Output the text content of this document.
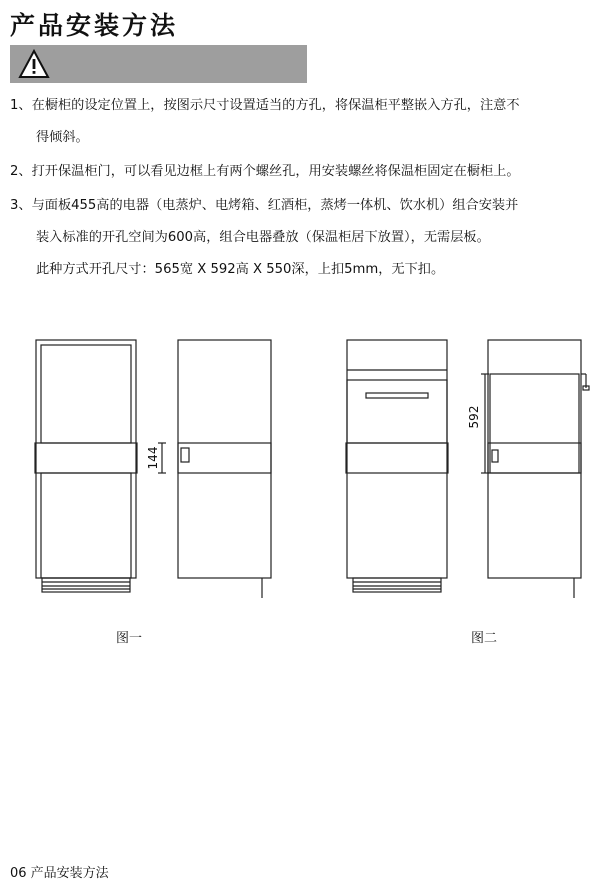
产品安装方法
1、在橱柜的设定位置上，按图示尺寸设置适当的方孔，将保温柜平整嵌入方孔，注意不
得倾斜。
2、打开保温柜门，可以看见边框上有两个螺丝孔，用安装螺丝将保温柜固定在橱柜上。
3、与面板455高的电器（电蒸炉、电烤箱、红酒柜，蒸烤一体机、饮水机）组合安装并
装入标准的开孔空间为600高，组合电器叠放（保温柜居下放置），无需层板。
此种方式开孔尺寸：565宽 X 592高 X 550深，上扣5mm，无下扣。
144
592
图一	图二
06 产品安装方法
